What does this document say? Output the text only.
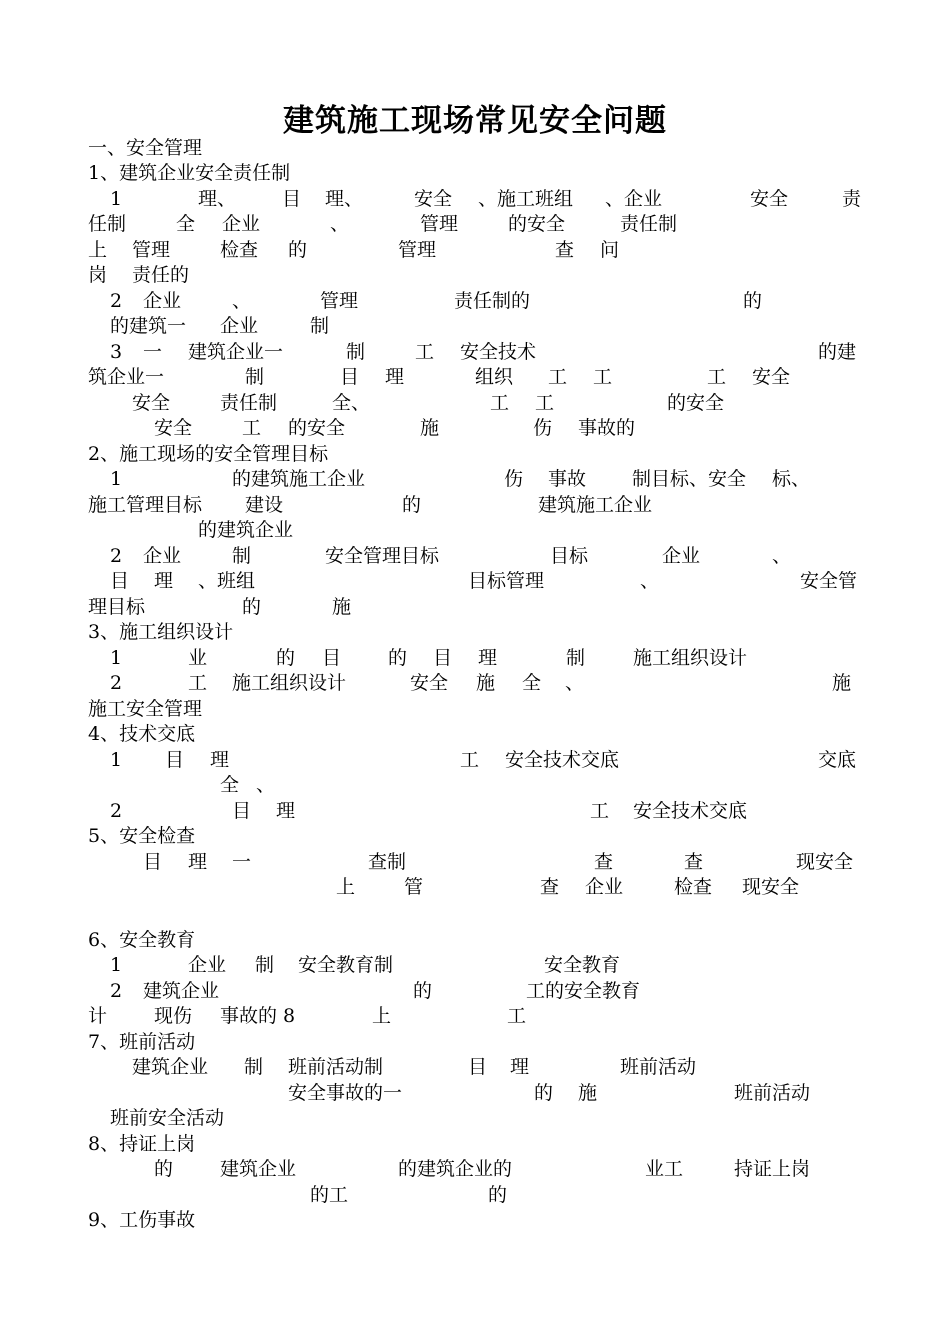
建筑施工现场常见安全问题
一、安全管理
1、建筑企业安全责任制
1	理、 目 理、	安全 、施工班组 、企业	安全	责
任制	全 企业	、	管理	的安全	责任制
上 管理	检查 的	管理	查 问
岗 责任的
2 企业	、	管理	责任制的	的
的建筑一 企业	制
3 一 建筑企业一	制	工 安全技术	的建
筑企业一	制	目 理	组织 工 工	工 安全
安全	责任制	全、	工 工	的安全
安全	工 的安全	施	伤 事故的
2、施工现场的安全管理目标
1	的建筑施工企业	伤 事故 制目标、安全 标、
施工管理目标 建设	的	建筑施工企业
的建筑企业
2 企业	制	安全管理目标	目标	企业	、
目 理 、班组	目标管理	、	安全管
理目标	的	施
3、施工组织设计
1	业	的 目 的 目 理	制	施工组织设计
2	工 施工组织设计	安全 施 全 、	施
施工安全管理
4、技术交底
1 目 理	工 安全技术交底	交底
全 、
2	目 理	工 安全技术交底
5、安全检查
目 理 一	查制	查	查	现安全
上	管	查 企业	检查 现安全
6、安全教育
1	企业 制 安全教育制	安全教育
2 建筑企业	的	工的安全教育
计 现伤 事故的 8	上	工
7、班前活动
建筑企业 制 班前活动制	目 理	班前活动
安全事故的一	的 施	班前活动
班前安全活动
8、持证上岗
的 建筑企业	的建筑企业的	业工	持证上岗
的工	的
9、工伤事故
